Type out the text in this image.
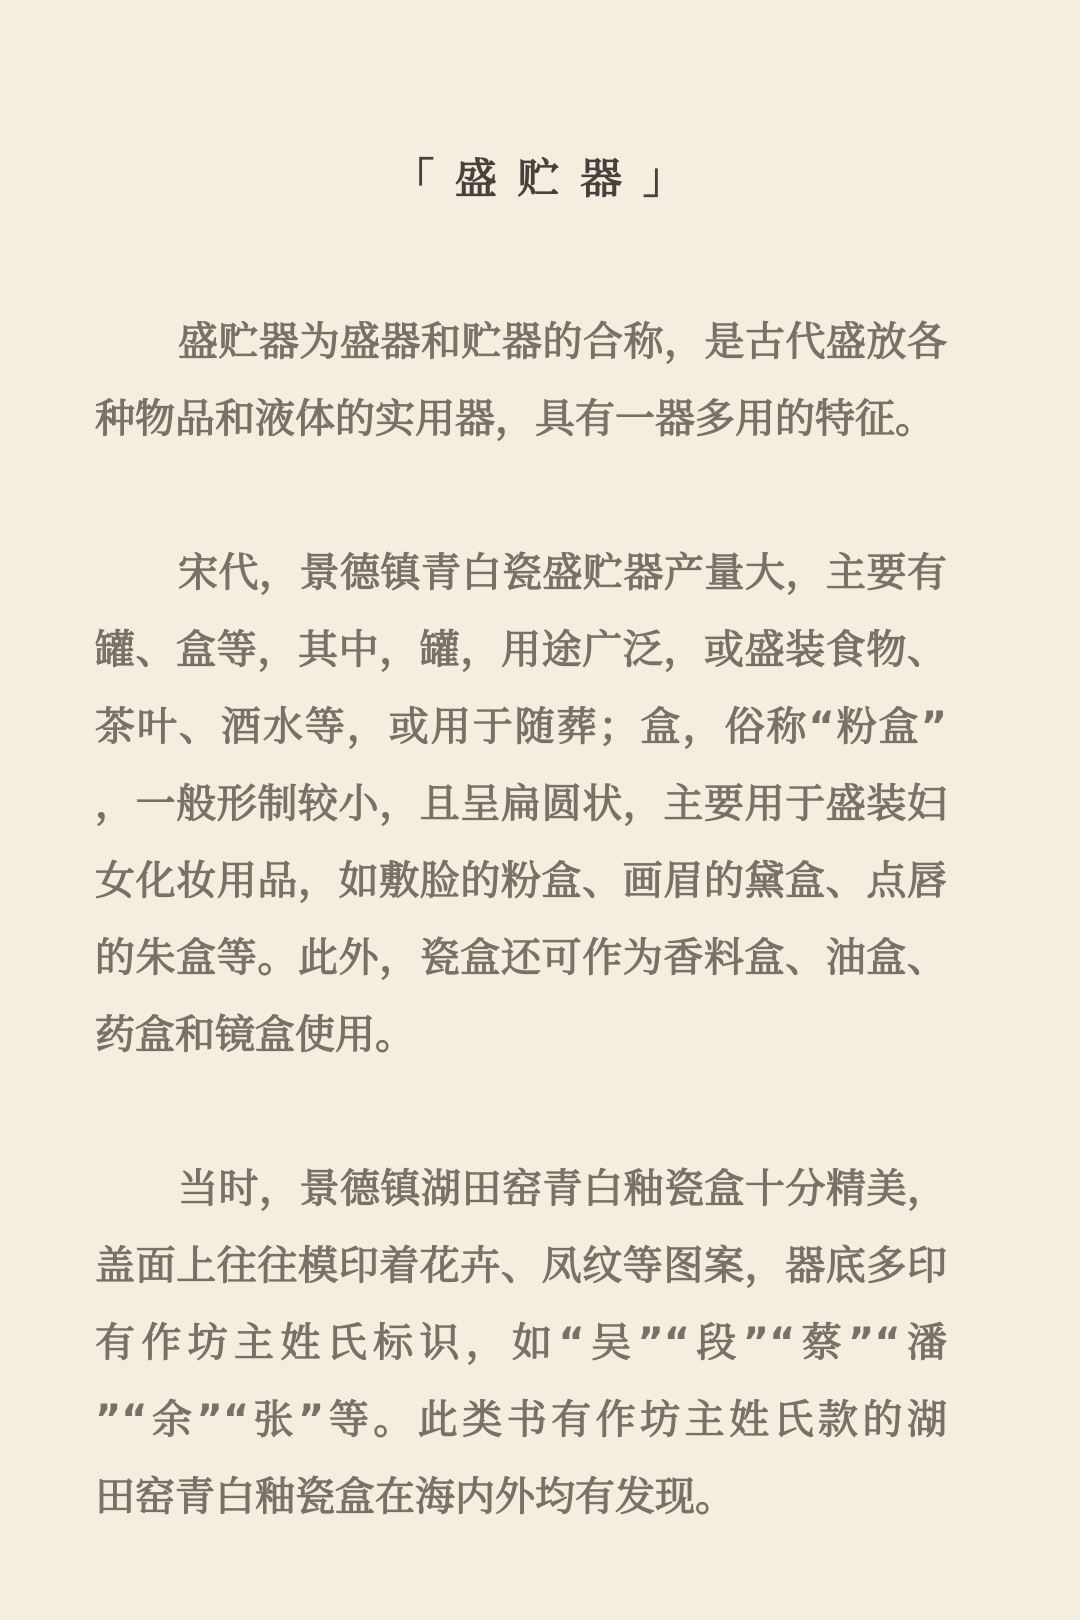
「 盛 贮 器 」

盛贮器为盛器和贮器的合称，是古代盛放各
种物品和液体的实用器，具有一器多用的特征。

宋代，景德镇青白瓷盛贮器产量大，主要有
罐、盒等，其中，罐，用途广泛，或盛装食物、
茶叶、酒水等，或用于随葬；盒，俗称“粉盒”
，一般形制较小，且呈扁圆状，主要用于盛装妇
女化妆用品，如敷脸的粉盒、画眉的黛盒、点唇
的朱盒等。此外，瓷盒还可作为香料盒、油盒、
药盒和镜盒使用。

当时，景德镇湖田窑青白釉瓷盒十分精美，
盖面上往往模印着花卉、凤纹等图案，器底多印
有作坊主姓氏标识，如“吴”“段”“蔡”“潘
”“余”“张”等。此类书有作坊主姓氏款的湖
田窑青白釉瓷盒在海内外均有发现。
